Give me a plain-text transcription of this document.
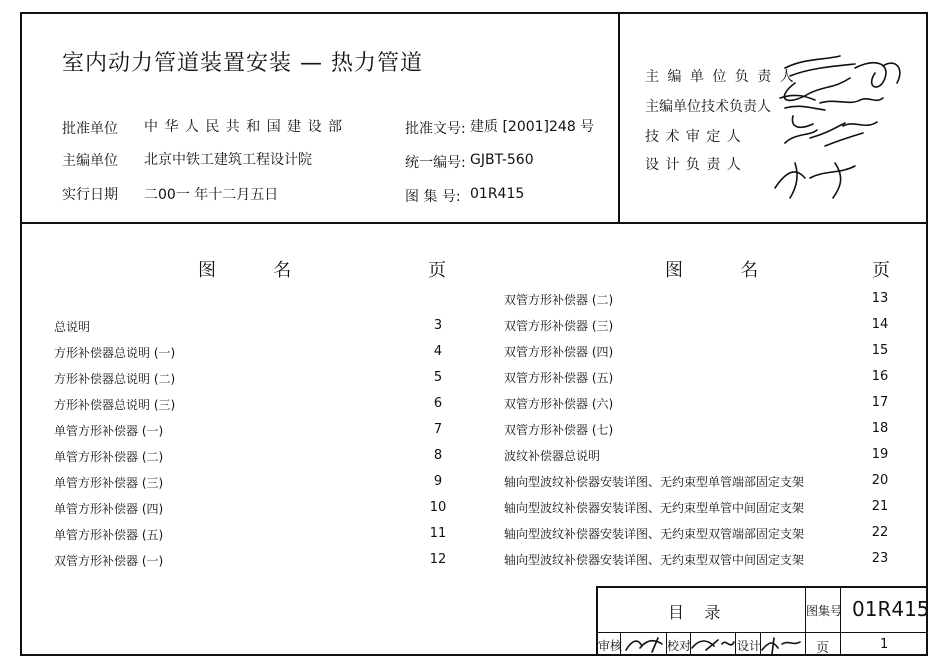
室内动力管道装置安装 — 热力管道
批准单位 中 华 人 民 共 和 国 建 设 部
主编单位 北京中铁工建筑工程设计院
实行日期 二00一 年十二月五日
批准文号: 建质 [2001]248 号
统一编号: GJBT-560
图 集 号: 01R415
主 编 单 位 负 责 人
主编单位技术负责人
技 术 审 定 人
设 计 负 责 人
图          名	页	图          名	页
总说明	3
方形补偿器总说明 (一)	4
方形补偿器总说明 (二)	5
方形补偿器总说明 (三)	6
单管方形补偿器 (一)	7
单管方形补偿器 (二)	8
单管方形补偿器 (三)	9
单管方形补偿器 (四)	10
单管方形补偿器 (五)	11
双管方形补偿器 (一)	12
双管方形补偿器 (二)	13
双管方形补偿器 (三)	14
双管方形补偿器 (四)	15
双管方形补偿器 (五)	16
双管方形补偿器 (六)	17
双管方形补偿器 (七)	18
波纹补偿器总说明	19
轴向型波纹补偿器安装详图、无约束型单管端部固定支架	20
轴向型波纹补偿器安装详图、无约束型单管中间固定支架	21
轴向型波纹补偿器安装详图、无约束型双管端部固定支架	22
轴向型波纹补偿器安装详图、无约束型双管中间固定支架	23
目    录	图集号 01R415
审核	校对	设计	页	1
